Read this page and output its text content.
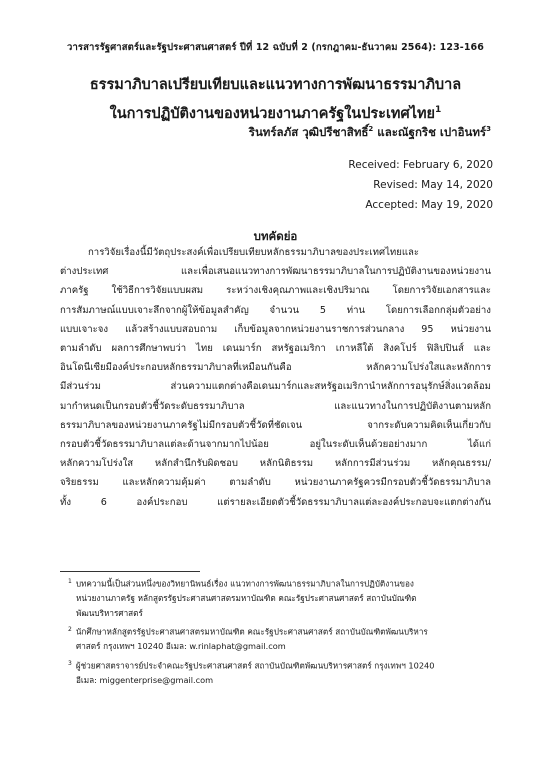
วารสารรัฐศาสตร์และรัฐประศาสนศาสตร์ ปีที่ 12 ฉบับที่ 2 (กรกฎาคม-ธันวาคม 2564): 123-166
ธรรมาภิบาลเปรียบเทียบและแนวทางการพัฒนาธรรมาภิบาล
ในการปฏิบัติงานของหน่วยงานภาครัฐในประเทศไทย$^1$
รินทร์ลภัส วุฒิปรีชาสิทธิ์$^2$ และณัฐกริช เปาอินทร์$^3$
Received: February 6, 2020
Revised: May 14, 2020
Accepted: May 19, 2020
บทคัดย่อ
การวิจัยเรื่องนี้มีวัตถุประสงค์เพื่อเปรียบเทียบหลักธรรมาภิบาลของประเทศไทยและ
ต่างประเทศ และเพื่อเสนอแนวทางการพัฒนาธรรมาภิบาลในการปฏิบัติงานของหน่วยงาน
ภาครัฐ ใช้วิธีการวิจัยแบบผสม ระหว่างเชิงคุณภาพและเชิงปริมาณ โดยการวิจัยเอกสารและ
การสัมภาษณ์แบบเจาะลึกจากผู้ให้ข้อมูลสำคัญ จำนวน 5 ท่าน โดยการเลือกกลุ่มตัวอย่าง
แบบเจาะจง แล้วสร้างแบบสอบถาม เก็บข้อมูลจากหน่วยงานราชการส่วนกลาง 95 หน่วยงาน
ตามลำดับ ผลการศึกษาพบว่า ไทย เดนมาร์ก สหรัฐอเมริกา เกาหลีใต้ สิงคโปร์ ฟิลิปปินส์ และ
อินโดนีเซียมีองค์ประกอบหลักธรรมาภิบาลที่เหมือนกันคือ หลักความโปร่งใสและหลักการ
มีส่วนร่วม ส่วนความแตกต่างคือเดนมาร์กและสหรัฐอเมริกานำหลักการอนุรักษ์สิ่งแวดล้อม
มากำหนดเป็นกรอบตัวชี้วัดระดับธรรมาภิบาล และแนวทางในการปฏิบัติงานตามหลัก
ธรรมาภิบาลของหน่วยงานภาครัฐไม่มีกรอบตัวชี้วัดที่ชัดเจน จากระดับความคิดเห็นเกี่ยวกับ
กรอบตัวชี้วัดธรรมาภิบาลแต่ละด้านจากมากไปน้อย อยู่ในระดับเห็นด้วยอย่างมาก ได้แก่
หลักความโปร่งใส หลักสำนึกรับผิดชอบ หลักนิติธรรม หลักการมีส่วนร่วม หลักคุณธรรม/
จริยธรรม และหลักความคุ้มค่า ตามลำดับ หน่วยงานภาครัฐควรมีกรอบตัวชี้วัดธรรมาภิบาล
ทั้ง 6 องค์ประกอบ แต่รายละเอียดตัวชี้วัดธรรมาภิบาลแต่ละองค์ประกอบจะแตกต่างกัน
$^1$ บทความนี้เป็นส่วนหนึ่งของวิทยานิพนธ์เรื่อง แนวทางการพัฒนาธรรมาภิบาลในการปฏิบัติงานของ
หน่วยงานภาครัฐ หลักสูตรรัฐประศาสนศาสตรมหาบัณฑิต คณะรัฐประศาสนศาสตร์ สถาบันบัณฑิต
พัฒนบริหารศาสตร์
$^2$ นักศึกษาหลักสูตรรัฐประศาสนศาสตรมหาบัณฑิต คณะรัฐประศาสนศาสตร์ สถาบันบัณฑิตพัฒนบริหาร
ศาสตร์ กรุงเทพฯ 10240 อีเมล: w.rinlaphat@gmail.com
$^3$ ผู้ช่วยศาสตราจารย์ประจำคณะรัฐประศาสนศาสตร์ สถาบันบัณฑิตพัฒนบริหารศาสตร์ กรุงเทพฯ 10240
อีเมล: miggenterprise@gmail.com
